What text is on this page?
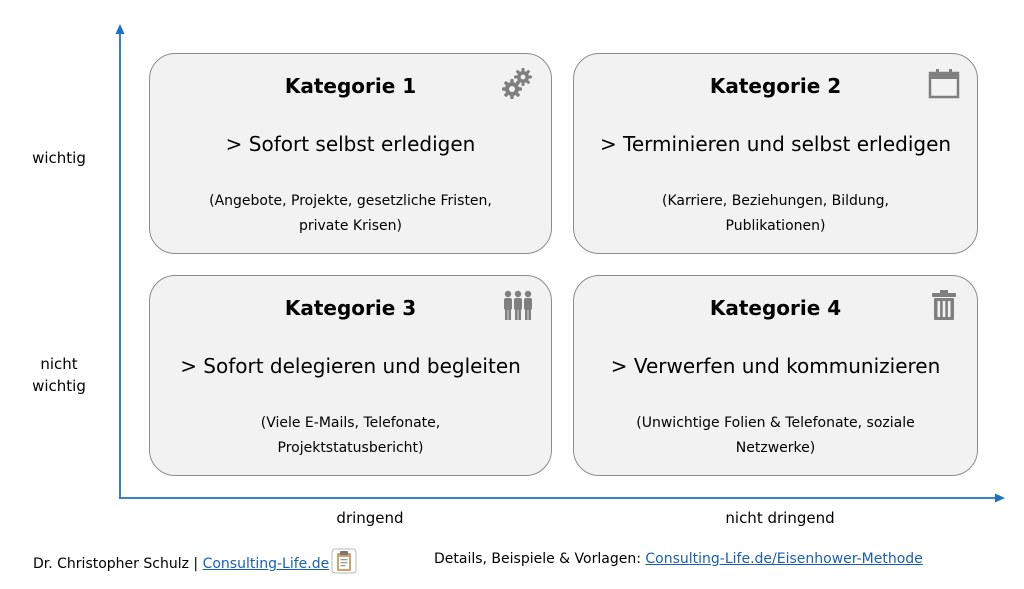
wichtig
nicht
wichtig
dringend	nicht dringend
Kategorie 1
> Sofort selbst erledigen
(Angebote, Projekte, gesetzliche Fristen,
private Krisen)
Kategorie 2
> Terminieren und selbst erledigen
(Karriere, Beziehungen, Bildung,
Publikationen)
Kategorie 3
> Sofort delegieren und begleiten
(Viele E-Mails, Telefonate,
Projektstatusbericht)
Kategorie 4
> Verwerfen und kommunizieren
(Unwichtige Folien & Telefonate, soziale
Netzwerke)
Dr. Christopher Schulz | Consulting-Life.de	Details, Beispiele & Vorlagen: Consulting-Life.de/Eisenhower-Methode
